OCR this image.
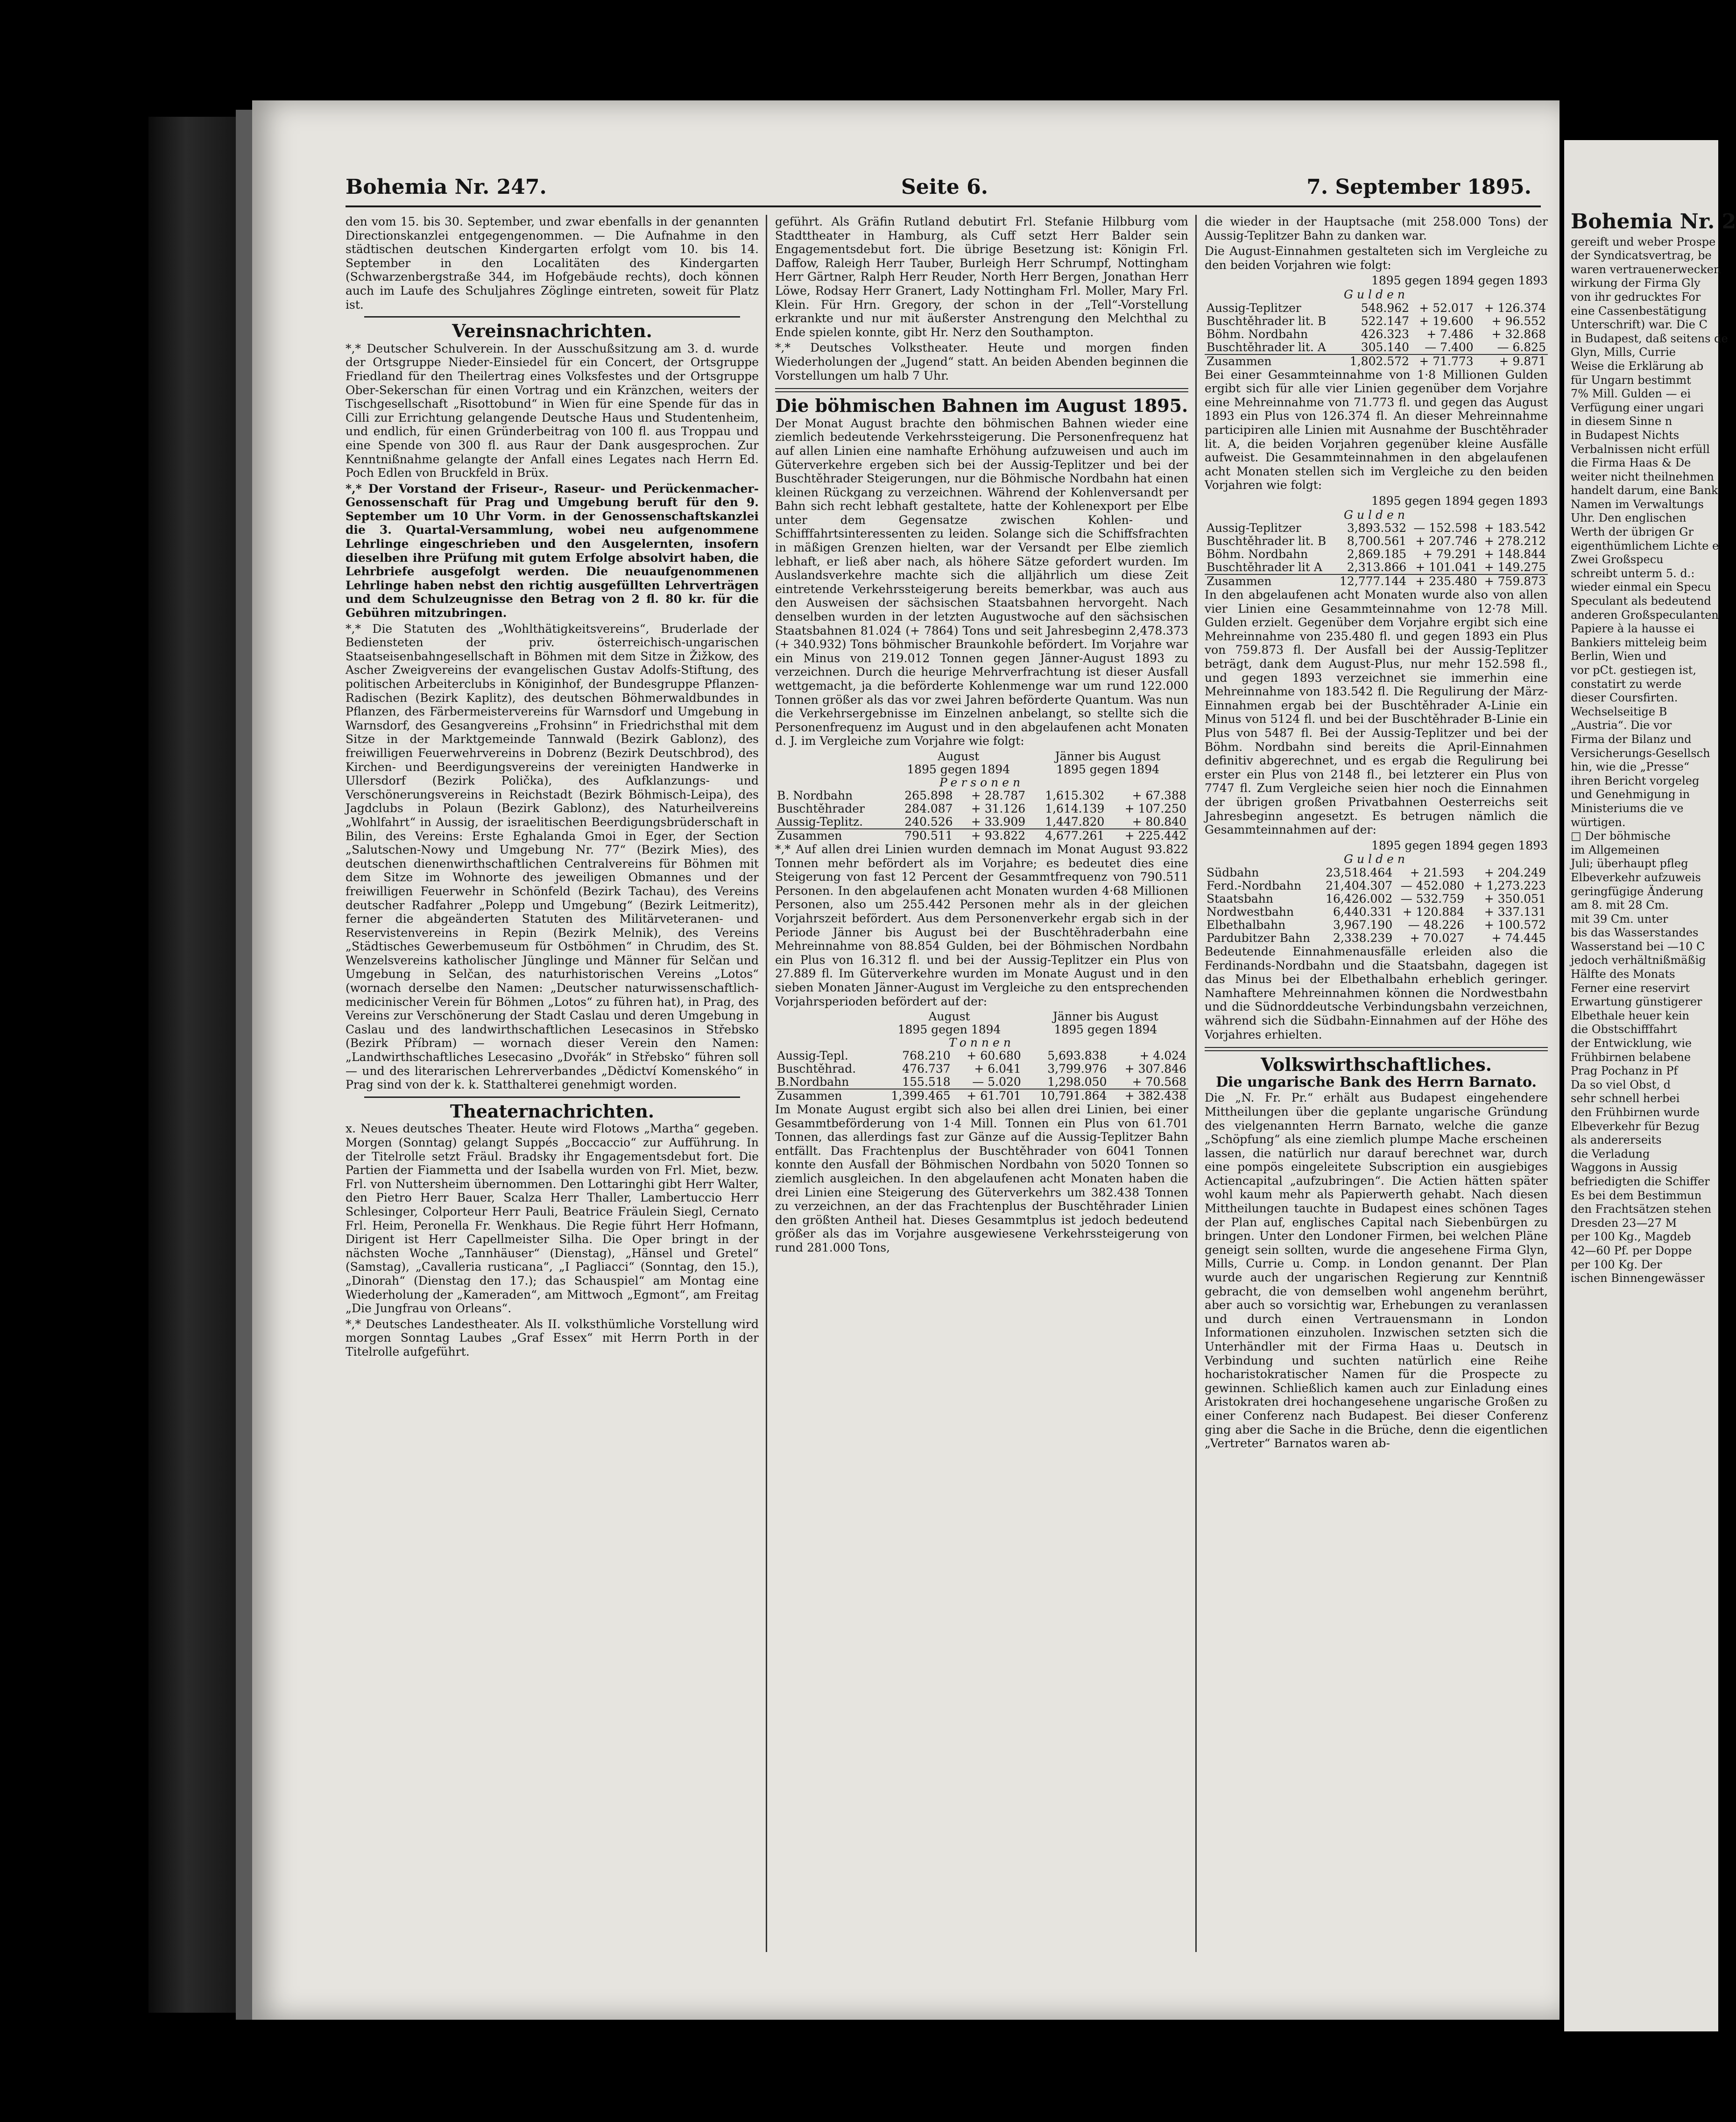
Bohemia Nr. 247.	Seite 6.	7. September 1895.

den vom 15. bis 30. September, und zwar ebenfalls in der genannten Directionskanzlei entgegengenommen. — Die Aufnahme in den städtischen deutschen Kindergarten erfolgt vom 10. bis 14. September in den Localitäten des Kindergarten (Schwarzenbergstraße 344, im Hofgebäude rechts), doch können auch im Laufe des Schuljahres Zöglinge eintreten, soweit für Platz ist.

Vereinsnachrichten.

*,* Deutscher Schulverein. In der Ausschußsitzung am 3. d. wurde der Ortsgruppe Nieder-Einsiedel für ein Concert, der Ortsgruppe Friedland für den Theilertrag eines Volksfestes und der Ortsgruppe Ober-Sekerschan für einen Vortrag und ein Kränzchen, weiters der Tischgesellschaft „Risottobund“ in Wien für eine Spende für das in Cilli zur Errichtung gelangende Deutsche Haus und Studentenheim, und endlich, für einen Gründerbeitrag von 100 fl. aus Troppau und eine Spende von 300 fl. aus Raur der Dank ausgesprochen. Zur Kenntnißnahme gelangte der Anfall eines Legates nach Herrn Ed. Poch Edlen von Bruckfeld in Brüx.

*,* Der Vorstand der Friseur-, Raseur- und Perückenmacher-Genossenschaft für Prag und Umgebung beruft für den 9. September um 10 Uhr Vorm. in der Genossenschaftskanzlei die 3. Quartal-Versammlung, wobei neu aufgenommene Lehrlinge eingeschrieben und den Ausgelernten, insofern dieselben ihre Prüfung mit gutem Erfolge absolvirt haben, die Lehrbriefe ausgefolgt werden. Die neuaufgenommenen Lehrlinge haben nebst den richtig ausgefüllten Lehrverträgen und dem Schulzeugnisse den Betrag von 2 fl. 80 kr. für die Gebühren mitzubringen.

*,* Die Statuten des „Wohlthätigkeitsvereins“, Bruderlade der Bediensteten der priv. österreichisch-ungarischen Staatseisenbahngesellschaft in Böhmen mit dem Sitze in Žižkow, des Ascher Zweigvereins der evangelischen Gustav Adolfs-Stiftung, des politischen Arbeiterclubs in Königinhof, der Bundesgruppe Pflanzen-Radischen (Bezirk Kaplitz), des deutschen Böhmerwaldbundes in Pflanzen, des Färbermeistervereins für Warnsdorf und Umgebung in Warnsdorf, des Gesangvereins „Frohsinn“ in Friedrichsthal mit dem Sitze in der Marktgemeinde Tannwald (Bezirk Gablonz), des freiwilligen Feuerwehrvereins in Dobrenz (Bezirk Deutschbrod), des Kirchen- und Beerdigungsvereins der vereinigten Handwerke in Ullersdorf (Bezirk Polička), des Aufklanzungs- und Verschönerungsvereins in Reichstadt (Bezirk Böhmisch-Leipa), des Jagdclubs in Polaun (Bezirk Gablonz), des Naturheilvereins „Wohlfahrt“ in Aussig, der israelitischen Beerdigungsbrüderschaft in Bilin, des Vereins: Erste Eghalanda Gmoi in Eger, der Section „Salutschen-Nowy und Umgebung Nr. 77“ (Bezirk Mies), des deutschen dienenwirthschaftlichen Centralvereins für Böhmen mit dem Sitze im Wohnorte des jeweiligen Obmannes und der freiwilligen Feuerwehr in Schönfeld (Bezirk Tachau), des Vereins deutscher Radfahrer „Polepp und Umgebung“ (Bezirk Leitmeritz), ferner die abgeänderten Statuten des Militärveteranen- und Reservistenvereins in Repin (Bezirk Melnik), des Vereins „Städtisches Gewerbemuseum für Ostböhmen“ in Chrudim, des St. Wenzelsvereins katholischer Jünglinge und Männer für Selčan und Umgebung in Selčan, des naturhistorischen Vereins „Lotos“ (wornach derselbe den Namen: „Deutscher naturwissenschaftlich-medicinischer Verein für Böhmen „Lotos“ zu führen hat), in Prag, des Vereins zur Verschönerung der Stadt Caslau und deren Umgebung in Caslau und des landwirthschaftlichen Lesecasinos in Střebsko (Bezirk Příbram) — wornach dieser Verein den Namen: „Landwirthschaftliches Lesecasino „Dvořák“ in Střebsko“ führen soll — und des literarischen Lehrerverbandes „Dědictví Komenského“ in Prag sind von der k. k. Statthalterei genehmigt worden.

Theaternachrichten.

x. Neues deutsches Theater. Heute wird Flotows „Martha“ gegeben. Morgen (Sonntag) gelangt Suppés „Boccaccio“ zur Aufführung. In der Titelrolle setzt Fräul. Bradsky ihr Engagementsdebut fort. Die Partien der Fiammetta und der Isabella wurden von Frl. Miet, bezw. Frl. von Nuttersheim übernommen. Den Lottaringhi gibt Herr Walter, den Pietro Herr Bauer, Scalza Herr Thaller, Lambertuccio Herr Schlesinger, Colporteur Herr Pauli, Beatrice Fräulein Siegl, Cernato Frl. Heim, Peronella Fr. Wenkhaus. Die Regie führt Herr Hofmann, Dirigent ist Herr Capellmeister Silha. Die Oper bringt in der nächsten Woche „Tannhäuser“ (Dienstag), „Hänsel und Gretel“ (Samstag), „Cavalleria rusticana“, „I Pagliacci“ (Sonntag, den 15.), „Dinorah“ (Dienstag den 17.); das Schauspiel“ am Montag eine Wiederholung der „Kameraden“, am Mittwoch „Egmont“, am Freitag „Die Jungfrau von Orleans“.

*,* Deutsches Landestheater. Als II. volksthümliche Vorstellung wird morgen Sonntag Laubes „Graf Essex“ mit Herrn Porth in der Titelrolle aufgeführt.

geführt. Als Gräfin Rutland debutirt Frl. Stefanie Hilbburg vom Stadttheater in Hamburg, als Cuff setzt Herr Balder sein Engagementsdebut fort. Die übrige Besetzung ist: Königin Frl. Daffow, Raleigh Herr Tauber, Burleigh Herr Schrumpf, Nottingham Herr Gärtner, Ralph Herr Reuder, North Herr Bergen, Jonathan Herr Löwe, Rodsay Herr Granert, Lady Nottingham Frl. Moller, Mary Frl. Klein. Für Hrn. Gregory, der schon in der „Tell“-Vorstellung erkrankte und nur mit äußerster Anstrengung den Melchthal zu Ende spielen konnte, gibt Hr. Nerz den Southampton.

*,* Deutsches Volkstheater. Heute und morgen finden Wiederholungen der „Jugend“ statt. An beiden Abenden beginnen die Vorstellungen um halb 7 Uhr.

Die böhmischen Bahnen im August 1895.

Der Monat August brachte den böhmischen Bahnen wieder eine ziemlich bedeutende Verkehrssteigerung. Die Personenfrequenz hat auf allen Linien eine namhafte Erhöhung aufzuweisen und auch im Güterverkehre ergeben sich bei der Aussig-Teplitzer und bei der Buschtěhrader Steigerungen, nur die Böhmische Nordbahn hat einen kleinen Rückgang zu verzeichnen. Während der Kohlenversandt per Bahn sich recht lebhaft gestaltete, hatte der Kohlenexport per Elbe unter dem Gegensatze zwischen Kohlen- und Schifffahrtsinteressenten zu leiden. Solange sich die Schiffsfrachten in mäßigen Grenzen hielten, war der Versandt per Elbe ziemlich lebhaft, er ließ aber nach, als höhere Sätze gefordert wurden. Im Auslandsverkehre machte sich die alljährlich um diese Zeit eintretende Verkehrssteigerung bereits bemerkbar, was auch aus den Ausweisen der sächsischen Staatsbahnen hervorgeht. Nach denselben wurden in der letzten Augustwoche auf den sächsischen Staatsbahnen 81.024 (+ 7864) Tons und seit Jahresbeginn 2,478.373 (+ 340.932) Tons böhmischer Braunkohle befördert. Im Vorjahre war ein Minus von 219.012 Tonnen gegen Jänner-August 1893 zu verzeichnen. Durch die heurige Mehrverfrachtung ist dieser Ausfall wettgemacht, ja die beförderte Kohlenmenge war um rund 122.000 Tonnen größer als das vor zwei Jahren beförderte Quantum. Was nun die Verkehrsergebnisse im Einzelnen anbelangt, so stellte sich die Personenfrequenz im August und in den abgelaufenen acht Monaten d. J. im Vergleiche zum Vorjahre wie folgt:

	August
1895 gegen 1894		Jänner bis August
1895 gegen 1894	
Personen				
B. Nordbahn	265.898	+ 28.787	1,615.302	+ 67.388
Buschtěhrader	284.087	+ 31.126	1,614.139	+ 107.250
Aussig-Teplitz.	240.526	+ 33.909	1,447.820	+ 80.840
Zusammen	790.511	+ 93.822	4,677.261	+ 225.442

*,* Auf allen drei Linien wurden demnach im Monat August 93.822 Tonnen mehr befördert als im Vorjahre; es bedeutet dies eine Steigerung von fast 12 Percent der Gesammtfrequenz von 790.511 Personen. In den abgelaufenen acht Monaten wurden 4·68 Millionen Personen, also um 255.442 Personen mehr als in der gleichen Vorjahrszeit befördert. Aus dem Personenverkehr ergab sich in der Periode Jänner bis August bei der Buschtěhraderbahn eine Mehreinnahme von 88.854 Gulden, bei der Böhmischen Nordbahn ein Plus von 16.312 fl. und bei der Aussig-Teplitzer ein Plus von 27.889 fl. Im Güterverkehre wurden im Monate August und in den sieben Monaten Jänner-August im Vergleiche zu den entsprechenden Vorjahrsperioden befördert auf der:

	August
1895 gegen 1894		Jänner bis August
1895 gegen 1894	
Tonnen				
Aussig-Tepl.	768.210	+ 60.680	5,693.838	+ 4.024
Buschtěhrad.	476.737	+ 6.041	3,799.976	+ 307.846
B.Nordbahn	155.518	— 5.020	1,298.050	+ 70.568
Zusammen	1,399.465	+ 61.701	10,791.864	+ 382.438

Im Monate August ergibt sich also bei allen drei Linien, bei einer Gesammtbeförderung von 1·4 Mill. Tonnen ein Plus von 61.701 Tonnen, das allerdings fast zur Gänze auf die Aussig-Teplitzer Bahn entfällt. Das Frachtenplus der Buschtěhrader von 6041 Tonnen konnte den Ausfall der Böhmischen Nordbahn von 5020 Tonnen so ziemlich ausgleichen. In den abgelaufenen acht Monaten haben die drei Linien eine Steigerung des Güterverkehrs um 382.438 Tonnen zu verzeichnen, an der das Frachtenplus der Buschtěhrader Linien den größten Antheil hat. Dieses Gesammtplus ist jedoch bedeutend größer als das im Vorjahre ausgewiesene Verkehrssteigerung von rund 281.000 Tons,

die wieder in der Hauptsache (mit 258.000 Tons) der Aussig-Teplitzer Bahn zu danken war.

Die August-Einnahmen gestalteten sich im Vergleiche zu den beiden Vorjahren wie folgt:

1895 gegen 1894 gegen 1893
Gulden
Aussig-Teplitzer	548.962	+ 52.017	+ 126.374
Buschtěhrader lit. B	522.147	+ 19.600	+ 96.552
Böhm. Nordbahn	426.323	+ 7.486	+ 32.868
Buschtěhrader lit. A	305.140	— 7.400	— 6.825
Zusammen	1,802.572	+ 71.773	+ 9.871

Bei einer Gesammteinnahme von 1·8 Millionen Gulden ergibt sich für alle vier Linien gegenüber dem Vorjahre eine Mehreinnahme von 71.773 fl. und gegen das August 1893 ein Plus von 126.374 fl. An dieser Mehreinnahme participiren alle Linien mit Ausnahme der Buschtěhrader lit. A, die beiden Vorjahren gegenüber kleine Ausfälle aufweist. Die Gesammteinnahmen in den abgelaufenen acht Monaten stellen sich im Vergleiche zu den beiden Vorjahren wie folgt:

1895 gegen 1894 gegen 1893
Gulden
Aussig-Teplitzer	3,893.532	— 152.598	+ 183.542
Buschtěhrader lit. B	8,700.561	+ 207.746	+ 278.212
Böhm. Nordbahn	2,869.185	+ 79.291	+ 148.844
Buschtěhrader lit A	2,313.866	+ 101.041	+ 149.275
Zusammen	12,777.144	+ 235.480	+ 759.873

In den abgelaufenen acht Monaten wurde also von allen vier Linien eine Gesammteinnahme von 12·78 Mill. Gulden erzielt. Gegenüber dem Vorjahre ergibt sich eine Mehreinnahme von 235.480 fl. und gegen 1893 ein Plus von 759.873 fl. Der Ausfall bei der Aussig-Teplitzer beträgt, dank dem August-Plus, nur mehr 152.598 fl., und gegen 1893 verzeichnet sie immerhin eine Mehreinnahme von 183.542 fl. Die Regulirung der März-Einnahmen ergab bei der Buschtěhrader A-Linie ein Minus von 5124 fl. und bei der Buschtěhrader B-Linie ein Plus von 5487 fl. Bei der Aussig-Teplitzer und bei der Böhm. Nordbahn sind bereits die April-Einnahmen definitiv abgerechnet, und es ergab die Regulirung bei erster ein Plus von 2148 fl., bei letzterer ein Plus von 7747 fl. Zum Vergleiche seien hier noch die Einnahmen der übrigen großen Privatbahnen Oesterreichs seit Jahresbeginn angesetzt. Es betrugen nämlich die Gesammteinnahmen auf der:

1895 gegen 1894 gegen 1893
Gulden
Südbahn	23,518.464	+ 21.593	+ 204.249
Ferd.-Nordbahn	21,404.307	— 452.080	+ 1,273.223
Staatsbahn	16,426.002	— 532.759	+ 350.051
Nordwestbahn	6,440.331	+ 120.884	+ 337.131
Elbethalbahn	3,967.190	— 48.226	+ 100.572
Pardubitzer Bahn	2,338.239	+ 70.027	+ 74.445

Bedeutende Einnahmenausfälle erleiden also die Ferdinands-Nordbahn und die Staatsbahn, dagegen ist das Minus bei der Elbethalbahn erheblich geringer. Namhaftere Mehreinnahmen können die Nordwestbahn und die Südnorddeutsche Verbindungsbahn verzeichnen, während sich die Südbahn-Einnahmen auf der Höhe des Vorjahres erhielten.

Volkswirthschaftliches.
Die ungarische Bank des Herrn Barnato.

Die „N. Fr. Pr.“ erhält aus Budapest eingehendere Mittheilungen über die geplante ungarische Gründung des vielgenannten Herrn Barnato, welche die ganze „Schöpfung“ als eine ziemlich plumpe Mache erscheinen lassen, die natürlich nur darauf berechnet war, durch eine pompös eingeleitete Subscription ein ausgiebiges Actiencapital „aufzubringen“. Die Actien hätten später wohl kaum mehr als Papierwerth gehabt. Nach diesen Mittheilungen tauchte in Budapest eines schönen Tages der Plan auf, englisches Capital nach Siebenbürgen zu bringen. Unter den Londoner Firmen, bei welchen Pläne geneigt sein sollten, wurde die angesehene Firma Glyn, Mills, Currie u. Comp. in London genannt. Der Plan wurde auch der ungarischen Regierung zur Kenntniß gebracht, die von demselben wohl angenehm berührt, aber auch so vorsichtig war, Erhebungen zu veranlassen und durch einen Vertrauensmann in London Informationen einzuholen. Inzwischen setzten sich die Unterhändler mit der Firma Haas u. Deutsch in Verbindung und suchten natürlich eine Reihe hocharistokratischer Namen für die Prospecte zu gewinnen. Schließlich kamen auch zur Einladung eines Aristokraten drei hochangesehene ungarische Großen zu einer Conferenz nach Budapest. Bei dieser Conferenz ging aber die Sache in die Brüche, denn die eigentlichen „Vertreter“ Barnatos waren ab-

Bohemia Nr. 2
gereift und weber Prospe
der Syndicatsvertrag, be
waren vertrauenerwecken
wirkung der Firma Gly
von ihr gedrucktes For
eine Cassenbestätigung
Unterschrift) war. Die C
in Budapest, daß seitens de
Glyn, Mills, Currie
Weise die Erklärung ab
für Ungarn bestimmt
7% Mill. Gulden — ei
Verfügung einer ungari
in diesem Sinne n
in Budapest Nichts
Verbalnissen nicht erfüll
die Firma Haas & De
weiter nicht theilnehmen
handelt darum, eine Bank
Namen im Verwaltungs
Uhr. Den englischen
Werth der übrigen Gr
eigenthümlichem Lichte e
Zwei Großspecu
schreibt unterm 5. d.:
wieder einmal ein Specu
Speculant als bedeutend
anderen Großspeculanten
Papiere à la hausse ei
Bankiers mitteleig beim
Berlin, Wien und
vor pCt. gestiegen ist,
constatirt zu werde
dieser Coursfirten.
Wechselseitige B
„Austria“. Die vor
Firma der Bilanz und
Versicherungs-Gesellsch
hin, wie die „Presse“
ihren Bericht vorgeleg
und Genehmigung in
Ministeriums die ve
würtigen.
□ Der böhmische
im Allgemeinen
Juli; überhaupt pfleg
Elbeverkehr aufzuweis
geringfügige Änderung
am 8. mit 28 Cm.
mit 39 Cm. unter
bis das Wasserstandes
Wasserstand bei —10 C
jedoch verhältnißmäßig
Hälfte des Monats
Ferner eine reservirt
Erwartung günstigerer
Elbethale heuer kein
die Obstschifffahrt
der Entwicklung, wie
Frühbirnen belabene
Prag Pochanz in Pf
Da so viel Obst, d
sehr schnell herbei
den Frühbirnen wurde
Elbeverkehr für Bezug
als andererseits
die Verladung
Waggons in Aussig
befriedigten die Schiffer
Es bei dem Bestimmun
den Frachtsätzen stehen
Dresden 23—27 M
per 100 Kg., Magdeb
42—60 Pf. per Doppe
per 100 Kg. Der
ischen Binnengewässer
